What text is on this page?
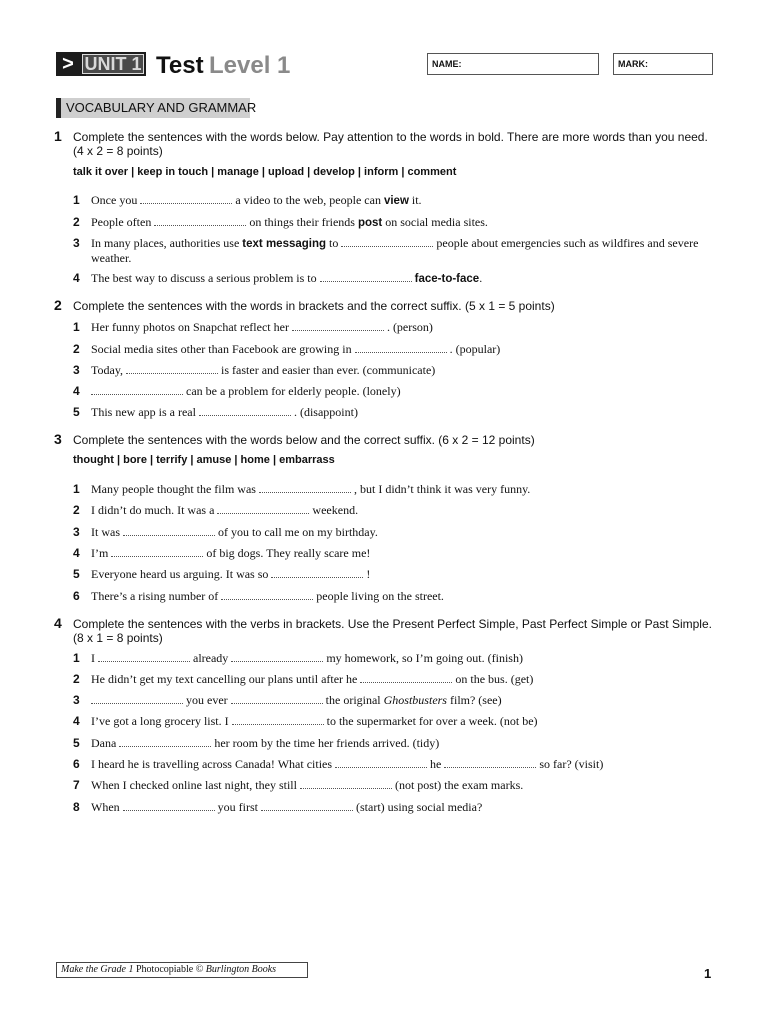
> UNIT 1 Test Level 1	NAME:	MARK:
VOCABULARY AND GRAMMAR
1 Complete the sentences with the words below. Pay attention to the words in bold. There are more words than you need. (4 x 2 = 8 points)
talk it over | keep in touch | manage | upload | develop | inform | comment
1 Once you	a video to the web, people can view it.
2 People often	on things their friends post on social media sites.
3 In many places, authorities use text messaging to	people about emergencies such as wildfires and severe weather.
4 The best way to discuss a serious problem is to	face-to-face.
2 Complete the sentences with the words in brackets and the correct suffix. (5 x 1 = 5 points)
1 Her funny photos on Snapchat reflect her	. (person)
2 Social media sites other than Facebook are growing in	. (popular)
3 Today,	is faster and easier than ever. (communicate)
4	can be a problem for elderly people. (lonely)
5 This new app is a real	. (disappoint)
3 Complete the sentences with the words below and the correct suffix. (6 x 2 = 12 points)
thought | bore | terrify | amuse | home | embarrass
1 Many people thought the film was	, but I didn’t think it was very funny.
2 I didn’t do much. It was a	weekend.
3 It was	of you to call me on my birthday.
4 I’m	of big dogs. They really scare me!
5 Everyone heard us arguing. It was so	!
6 There’s a rising number of	people living on the street.
4 Complete the sentences with the verbs in brackets. Use the Present Perfect Simple, Past Perfect Simple or Past Simple. (8 x 1 = 8 points)
1 I	already	my homework, so I’m going out. (finish)
2 He didn’t get my text cancelling our plans until after he	on the bus. (get)
3	you ever	the original Ghostbusters film? (see)
4 I’ve got a long grocery list. I	to the supermarket for over a week. (not be)
5 Dana	her room by the time her friends arrived. (tidy)
6 I heard he is travelling across Canada! What cities	he	so far? (visit)
7 When I checked online last night, they still	(not post) the exam marks.
8 When	you first	(start) using social media?
Make the Grade 1 Photocopiable © Burlington Books	1
